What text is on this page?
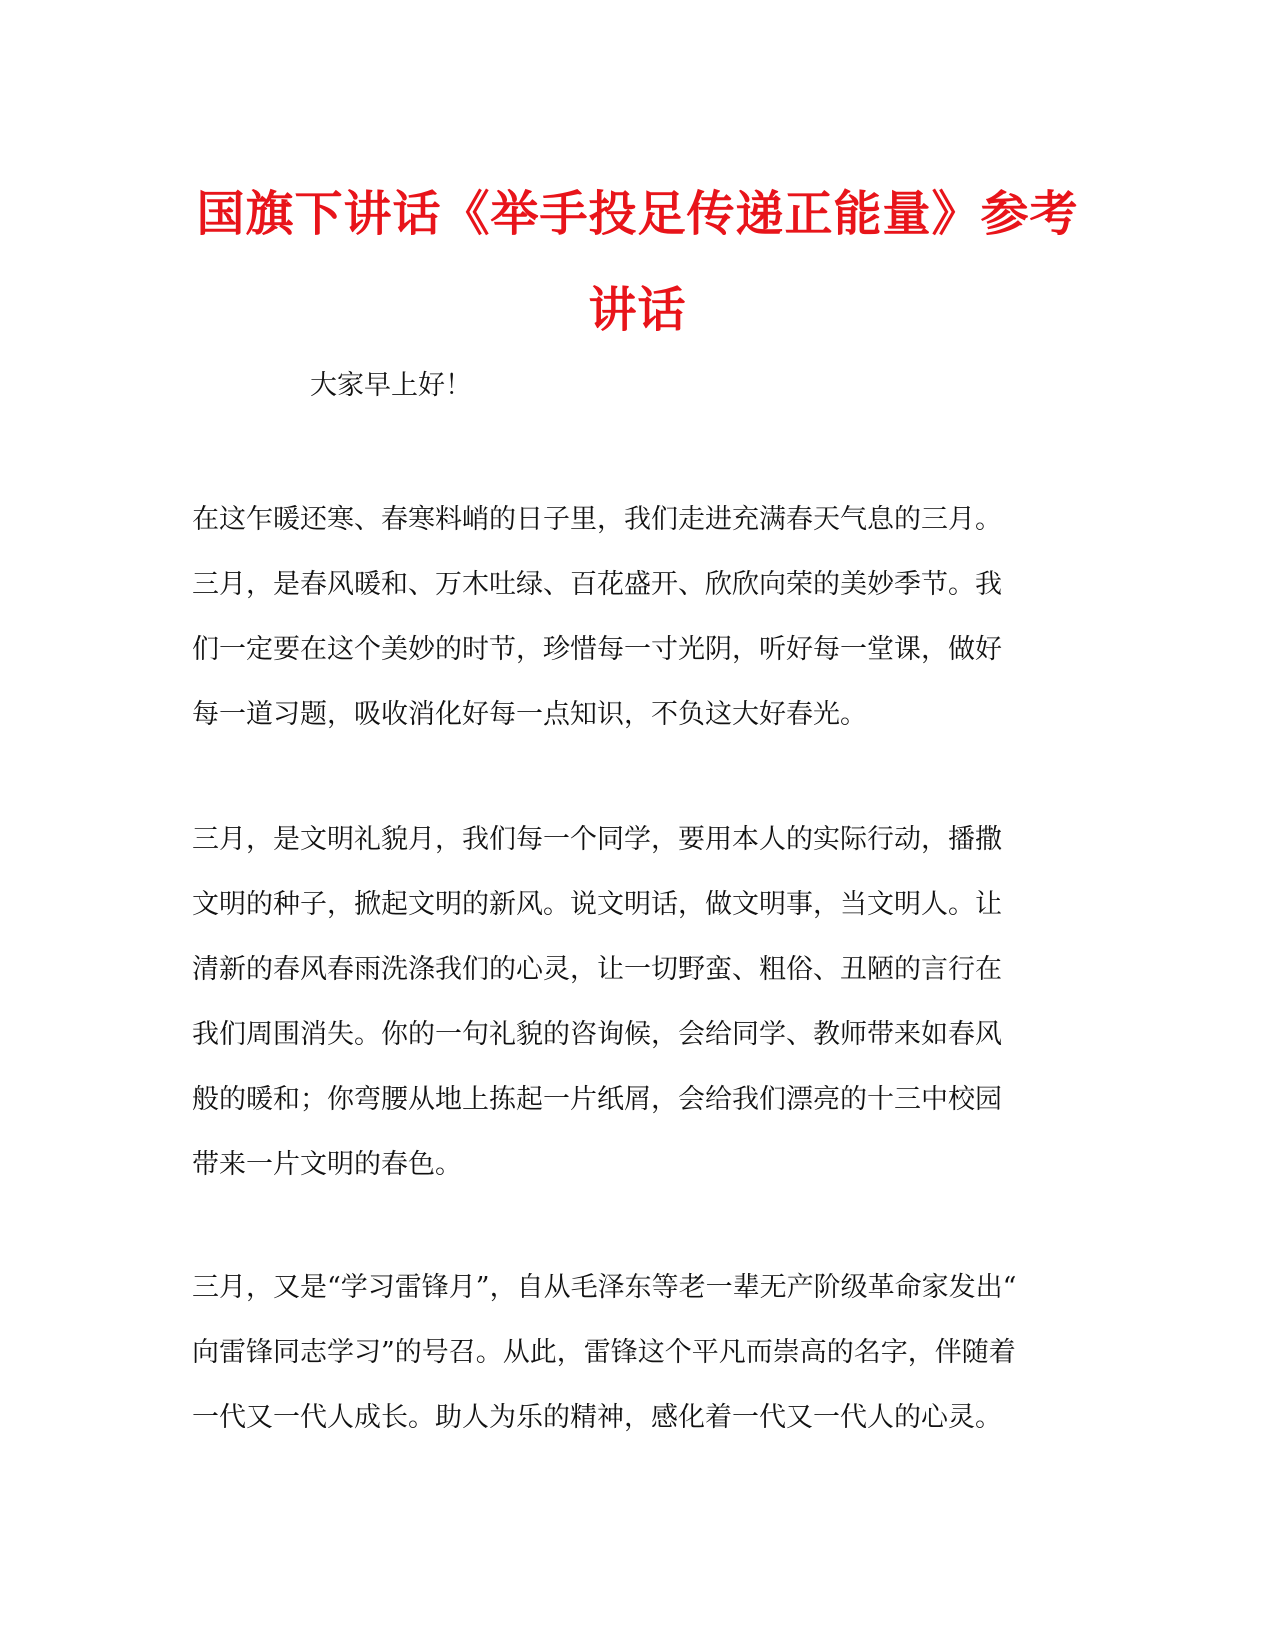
国旗下讲话《举手投足传递正能量》参考
讲话

大家早上好！

在这乍暖还寒、春寒料峭的日子里，我们走进充满春天气息的三月。
三月，是春风暖和、万木吐绿、百花盛开、欣欣向荣的美妙季节。我
们一定要在这个美妙的时节，珍惜每一寸光阴，听好每一堂课，做好
每一道习题，吸收消化好每一点知识，不负这大好春光。
三月，是文明礼貌月，我们每一个同学，要用本人的实际行动，播撒
文明的种子，掀起文明的新风。说文明话，做文明事，当文明人。让
清新的春风春雨洗涤我们的心灵，让一切野蛮、粗俗、丑陋的言行在
我们周围消失。你的一句礼貌的咨询候，会给同学、教师带来如春风
般的暖和；你弯腰从地上拣起一片纸屑，会给我们漂亮的十三中校园
带来一片文明的春色。
三月，又是“学习雷锋月”，自从毛泽东等老一辈无产阶级革命家发出“
向雷锋同志学习”的号召。从此，雷锋这个平凡而崇高的名字，伴随着
一代又一代人成长。助人为乐的精神，感化着一代又一代人的心灵。
